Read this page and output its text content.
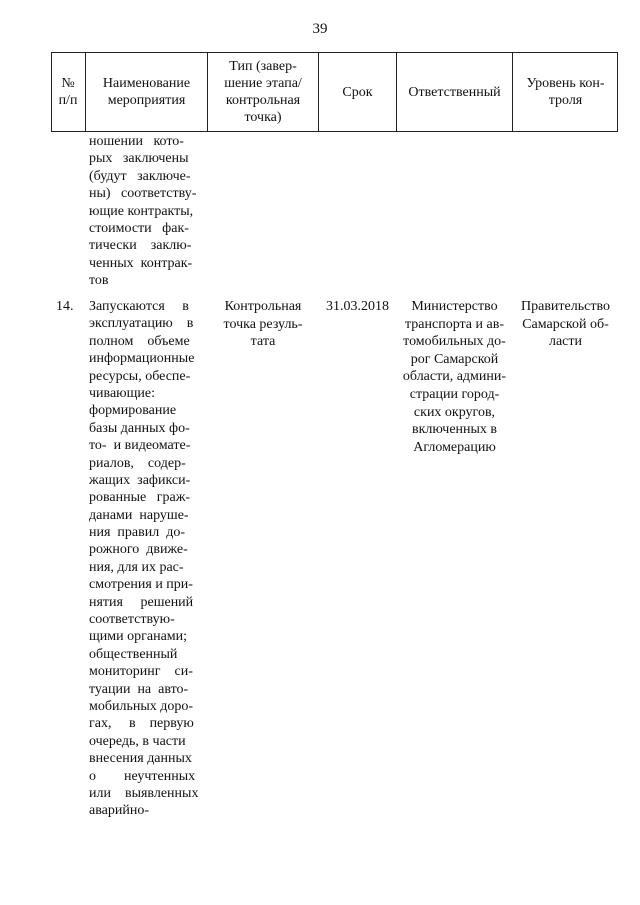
39
№
п/п
Наименование
мероприятия
Тип (завер-
шение этапа/
контрольная
точка)
Срок	Ответственный
Уровень кон-
троля
ношении   кото-
рых   заключены
(будут   заключе-
ны)   соответству-
ющие контракты,
стоимости   фак-
тически    заклю-
ченных  контрак-
тов
14. Запускаются     в
эксплуатацию    в
полном    объеме
информационные
ресурсы, обеспе-
чивающие:
формирование
базы данных фо-
то-  и видеомате-
риалов,    содер-
жащих  зафикси-
рованные   граж-
данами  наруше-
ния  правил  до-
рожного  движе-
ния, для их рас-
смотрения и при-
нятия     решений
соответствую-
щими органами;
общественный
мониторинг    си-
туации  на  авто-
мобильных доро-
гах,     в    первую
очередь, в части
внесения данных
о        неучтенных
или    выявленных
аварийно-
Контрольная
точка резуль-
тата
31.03.2018	Министерство
транспорта и ав-
томобильных до-
рог Самарской
области, админи-
страции город-
ских округов,
включенных в
Агломерацию
Правительство
Самарской об-
ласти
